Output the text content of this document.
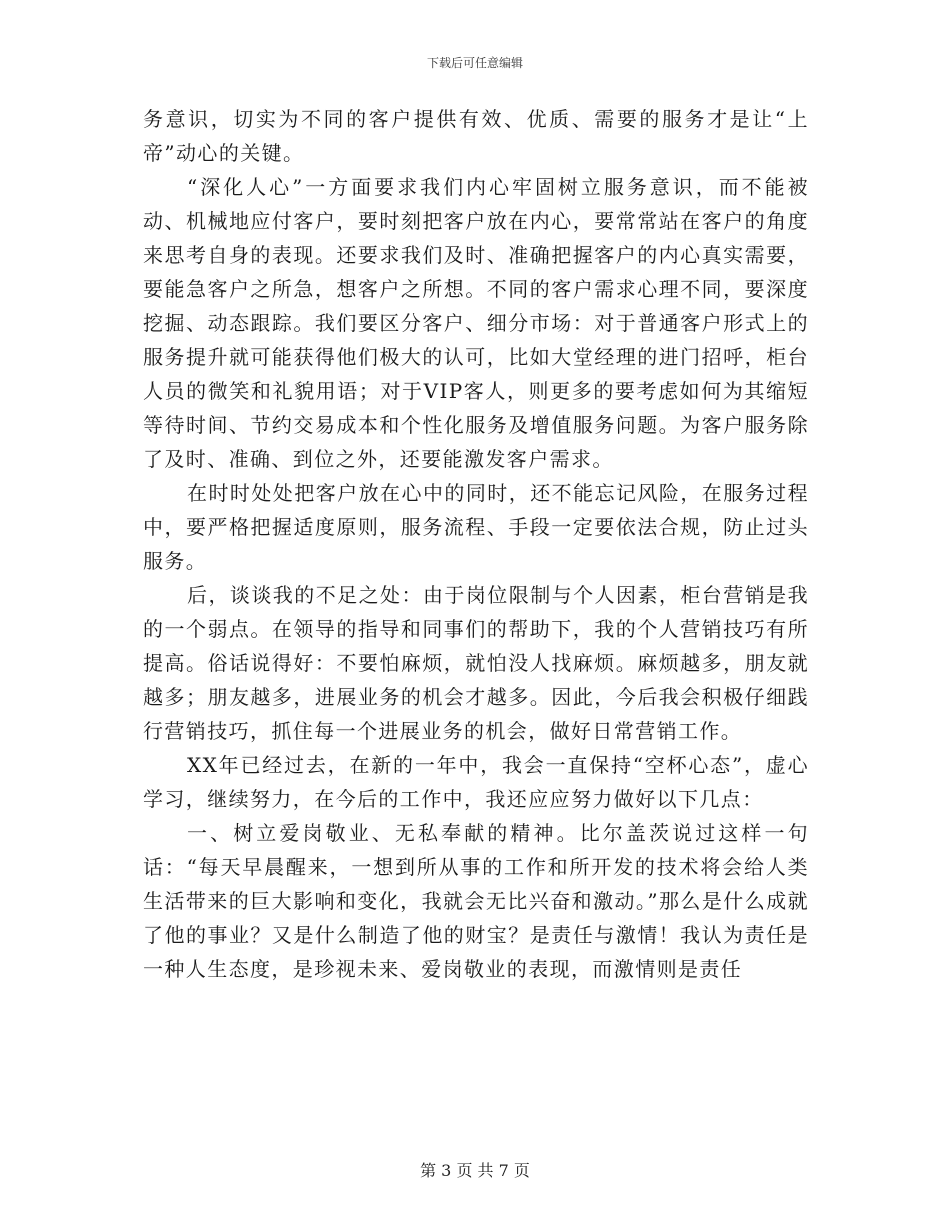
下载后可任意编辑

务意识，切实为不同的客户提供有效、优质、需要的服务才是让“上帝”动心的关键。

“深化人心”一方面要求我们内心牢固树立服务意识，而不能被动、机械地应付客户，要时刻把客户放在内心，要常常站在客户的角度来思考自身的表现。还要求我们及时、准确把握客户的内心真实需要，要能急客户之所急，想客户之所想。不同的客户需求心理不同，要深度挖掘、动态跟踪。我们要区分客户、细分市场：对于普通客户形式上的服务提升就可能获得他们极大的认可，比如大堂经理的进门招呼，柜台人员的微笑和礼貌用语；对于VIP客人，则更多的要考虑如何为其缩短等待时间、节约交易成本和个性化服务及增值服务问题。为客户服务除了及时、准确、到位之外，还要能激发客户需求。

在时时处处把客户放在心中的同时，还不能忘记风险，在服务过程中，要严格把握适度原则，服务流程、手段一定要依法合规，防止过头服务。

后，谈谈我的不足之处：由于岗位限制与个人因素，柜台营销是我的一个弱点。在领导的指导和同事们的帮助下，我的个人营销技巧有所提高。俗话说得好：不要怕麻烦，就怕没人找麻烦。麻烦越多，朋友就越多；朋友越多，进展业务的机会才越多。因此，今后我会积极仔细践行营销技巧，抓住每一个进展业务的机会，做好日常营销工作。

XX年已经过去，在新的一年中，我会一直保持“空杯心态”，虚心学习，继续努力，在今后的工作中，我还应应努力做好以下几点：

一、树立爱岗敬业、无私奉献的精神。比尔盖茨说过这样一句话：“每天早晨醒来，一想到所从事的工作和所开发的技术将会给人类生活带来的巨大影响和变化，我就会无比兴奋和激动。”那么是什么成就了他的事业？又是什么制造了他的财宝？是责任与激情！我认为责任是一种人生态度，是珍视未来、爱岗敬业的表现，而激情则是责任

第 3 页 共 7 页
